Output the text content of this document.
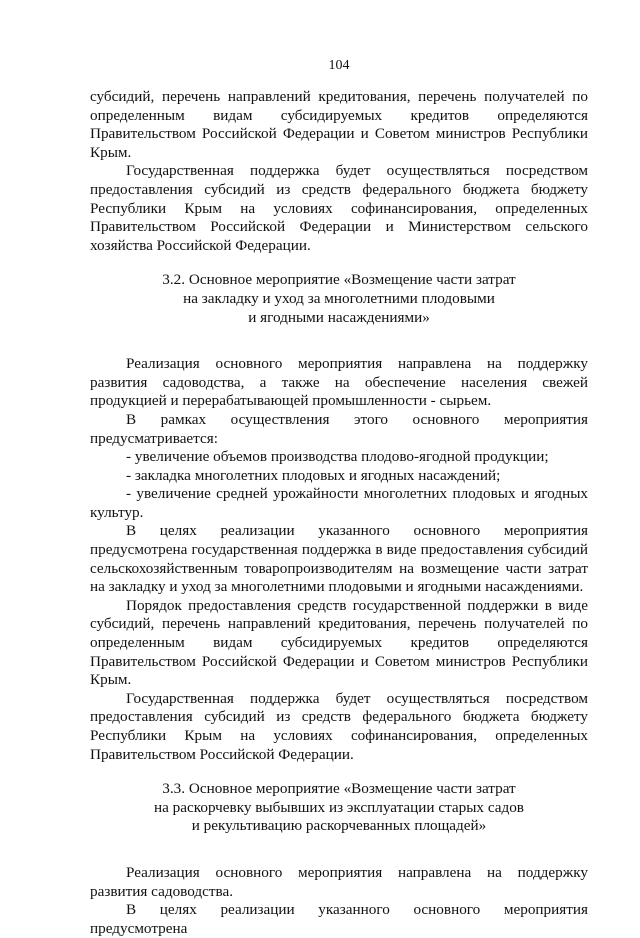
104

субсидий, перечень направлений кредитования, перечень получателей по определенным видам субсидируемых кредитов определяются Правительством Российской Федерации и Советом министров Республики Крым.

Государственная поддержка будет осуществляться посредством предоставления субсидий из средств федерального бюджета бюджету Республики Крым на условиях софинансирования, определенных Правительством Российской Федерации и Министерством сельского хозяйства Российской Федерации.

3.2. Основное мероприятие «Возмещение части затрат
на закладку и уход за многолетними плодовыми
и ягодными насаждениями»

Реализация основного мероприятия направлена на поддержку развития садоводства, а также на обеспечение населения свежей продукцией и перерабатывающей промышленности - сырьем.

В рамках осуществления этого основного мероприятия предусматривается:

- увеличение объемов производства плодово-ягодной продукции;

- закладка многолетних плодовых и ягодных насаждений;

- увеличение средней урожайности многолетних плодовых и ягодных культур.

В целях реализации указанного основного мероприятия предусмотрена государственная поддержка в виде предоставления субсидий сельскохозяйственным товаропроизводителям на возмещение части затрат на закладку и уход за многолетними плодовыми и ягодными насаждениями.

Порядок предоставления средств государственной поддержки в виде субсидий, перечень направлений кредитования, перечень получателей по определенным видам субсидируемых кредитов определяются Правительством Российской Федерации и Советом министров Республики Крым.

Государственная поддержка будет осуществляться посредством предоставления субсидий из средств федерального бюджета бюджету Республики Крым на условиях софинансирования, определенных Правительством Российской Федерации.

3.3. Основное мероприятие «Возмещение части затрат
на раскорчевку выбывших из эксплуатации старых садов
и рекультивацию раскорчеванных площадей»

Реализация основного мероприятия направлена на поддержку развития садоводства.

В целях реализации указанного основного мероприятия предусмотрена
